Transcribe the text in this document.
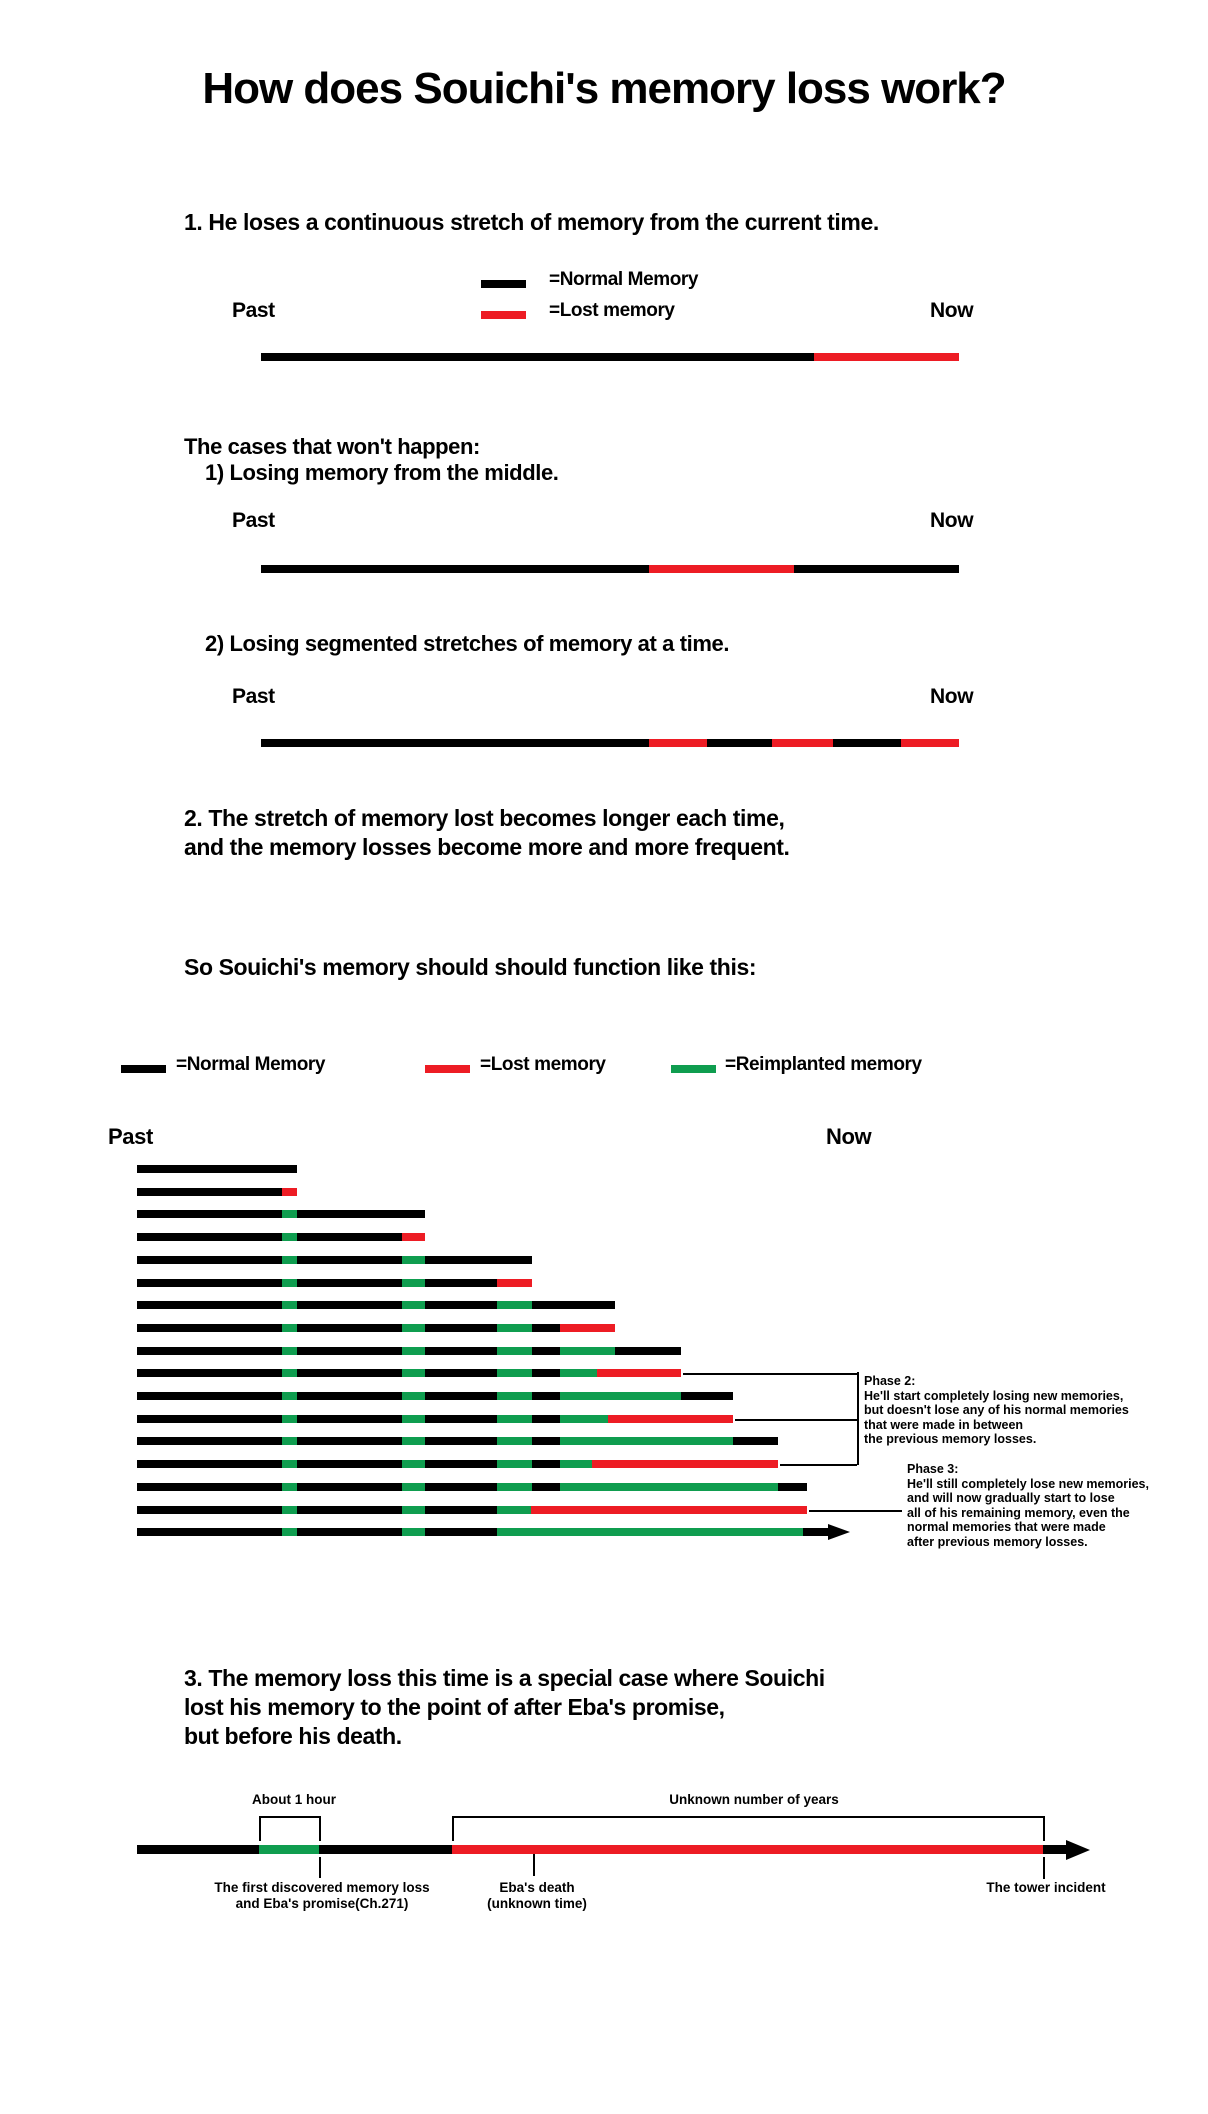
How does Souichi's memory loss work?
1. He loses a continuous stretch of memory from the current time.
The cases that won't happen:
1) Losing memory from the middle.
2) Losing segmented stretches of memory at a time.
2. The stretch of memory lost becomes longer each time,
and the memory losses become more and more frequent.
So Souichi's memory should should function like this:
3. The memory loss this time is a special case where Souichi
lost his memory to the point of after Eba's promise,
but before his death.
=Normal Memory
=Lost memory
=Normal Memory	=Lost memory	=Reimplanted memory
Past	Now
Past	Now
Past	Now
Past	Now
Phase 2:
He'll start completely losing new memories,
but doesn't lose any of his normal memories
that were made in between
the previous memory losses.
Phase 3:
He'll still completely lose new memories,
and will now gradually start to lose
all of his remaining memory, even the
normal memories that were made
after previous memory losses.
About 1 hour	Unknown number of years
The first discovered memory loss
and Eba's promise(Ch.271)
Eba's death
(unknown time)
The tower incident
